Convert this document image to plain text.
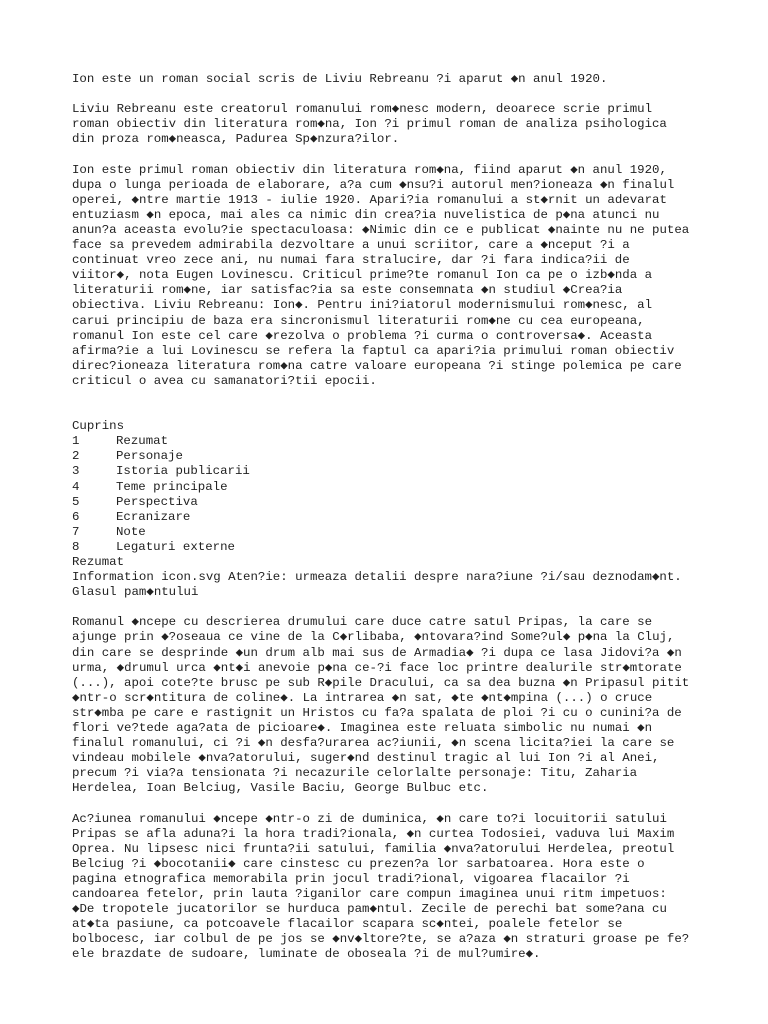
Ion este un roman social scris de Liviu Rebreanu ?i aparut ◆n anul 1920.
Liviu Rebreanu este creatorul romanului rom◆nesc modern, deoarece scrie primul
roman obiectiv din literatura rom◆na, Ion ?i primul roman de analiza psihologica
din proza rom◆neasca, Padurea Sp◆nzura?ilor.
Ion este primul roman obiectiv din literatura rom◆na, fiind aparut ◆n anul 1920,
dupa o lunga perioada de elaborare, a?a cum ◆nsu?i autorul men?ioneaza ◆n finalul
operei, ◆ntre martie 1913 - iulie 1920. Apari?ia romanului a st◆rnit un adevarat
entuziasm ◆n epoca, mai ales ca nimic din crea?ia nuvelistica de p◆na atunci nu
anun?a aceasta evolu?ie spectaculoasa: ◆Nimic din ce e publicat ◆nainte nu ne putea
face sa prevedem admirabila dezvoltare a unui scriitor, care a ◆nceput ?i a
continuat vreo zece ani, nu numai fara stralucire, dar ?i fara indica?ii de
viitor◆, nota Eugen Lovinescu. Criticul prime?te romanul Ion ca pe o izb◆nda a
literaturii rom◆ne, iar satisfac?ia sa este consemnata ◆n studiul ◆Crea?ia
obiectiva. Liviu Rebreanu: Ion◆. Pentru ini?iatorul modernismului rom◆nesc, al
carui principiu de baza era sincronismul literaturii rom◆ne cu cea europeana,
romanul Ion este cel care ◆rezolva o problema ?i curma o controversa◆. Aceasta
afirma?ie a lui Lovinescu se refera la faptul ca apari?ia primului roman obiectiv
direc?ioneaza literatura rom◆na catre valoare europeana ?i stinge polemica pe care
criticul o avea cu samanatori?tii epocii.
Cuprins
1	Rezumat
2	Personaje
3	Istoria publicarii
4	Teme principale
5	Perspectiva
6	Ecranizare
7	Note
8	Legaturi externe
Rezumat
Information icon.svg Aten?ie: urmeaza detalii despre nara?iune ?i/sau deznodam◆nt.
Glasul pam◆ntului
Romanul ◆ncepe cu descrierea drumului care duce catre satul Pripas, la care se
ajunge prin ◆?oseaua ce vine de la C◆rlibaba, ◆ntovara?ind Some?ul◆ p◆na la Cluj,
din care se desprinde ◆un drum alb mai sus de Armadia◆ ?i dupa ce lasa Jidovi?a ◆n
urma, ◆drumul urca ◆nt◆i anevoie p◆na ce-?i face loc printre dealurile str◆mtorate
(...), apoi cote?te brusc pe sub R◆pile Dracului, ca sa dea buzna ◆n Pripasul pitit
◆ntr-o scr◆ntitura de coline◆. La intrarea ◆n sat, ◆te ◆nt◆mpina (...) o cruce
str◆mba pe care e rastignit un Hristos cu fa?a spalata de ploi ?i cu o cunini?a de
flori ve?tede aga?ata de picioare◆. Imaginea este reluata simbolic nu numai ◆n
finalul romanului, ci ?i ◆n desfa?urarea ac?iunii, ◆n scena licita?iei la care se
vindeau mobilele ◆nva?atorului, suger◆nd destinul tragic al lui Ion ?i al Anei,
precum ?i via?a tensionata ?i necazurile celorlalte personaje: Titu, Zaharia
Herdelea, Ioan Belciug, Vasile Baciu, George Bulbuc etc.
Ac?iunea romanului ◆ncepe ◆ntr-o zi de duminica, ◆n care to?i locuitorii satului
Pripas se afla aduna?i la hora tradi?ionala, ◆n curtea Todosiei, vaduva lui Maxim
Oprea. Nu lipsesc nici frunta?ii satului, familia ◆nva?atorului Herdelea, preotul
Belciug ?i ◆bocotanii◆ care cinstesc cu prezen?a lor sarbatoarea. Hora este o
pagina etnografica memorabila prin jocul tradi?ional, vigoarea flacailor ?i
candoarea fetelor, prin lauta ?iganilor care compun imaginea unui ritm impetuos:
◆De tropotele jucatorilor se hurduca pam◆ntul. Zecile de perechi bat some?ana cu
at◆ta pasiune, ca potcoavele flacailor scapara sc◆ntei, poalele fetelor se
bolbocesc, iar colbul de pe jos se ◆nv◆ltore?te, se a?aza ◆n straturi groase pe fe?
ele brazdate de sudoare, luminate de oboseala ?i de mul?umire◆.
